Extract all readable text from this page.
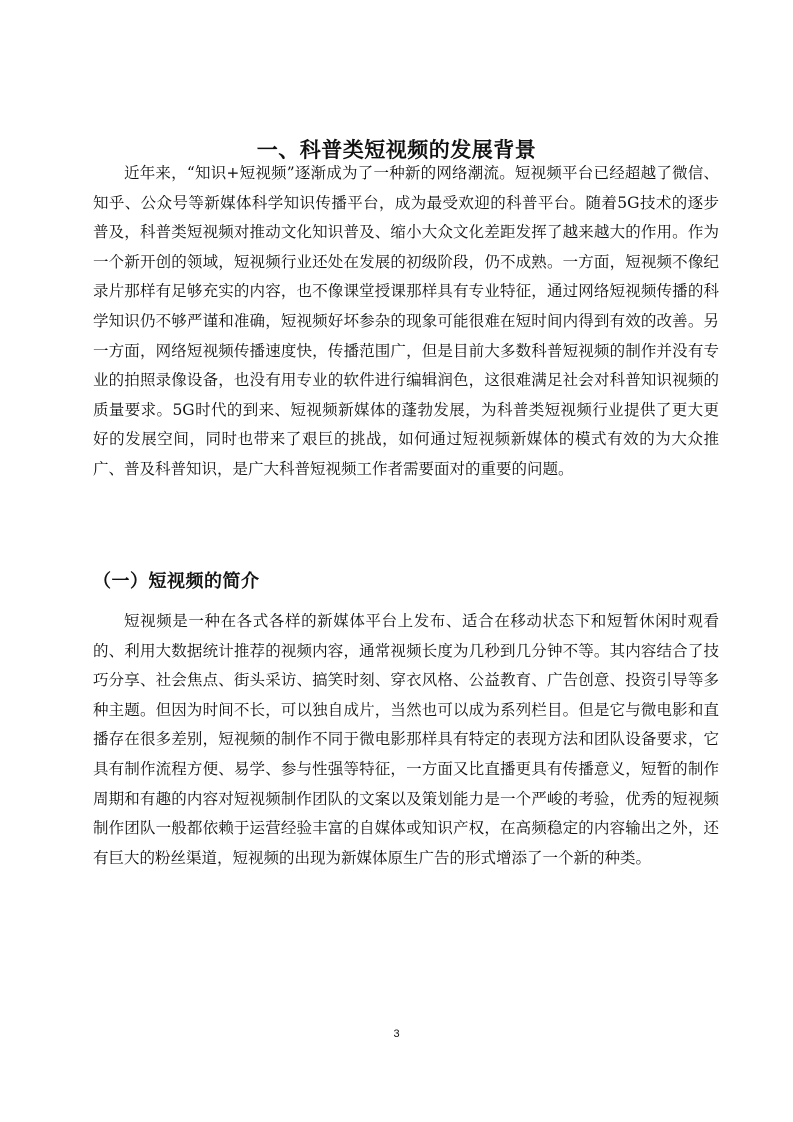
一、科普类短视频的发展背景

近年来，“知识+短视频”逐渐成为了一种新的网络潮流。短视频平台已经超越了微信、知乎、公众号等新媒体科学知识传播平台，成为最受欢迎的科普平台。随着5G技术的逐步普及，科普类短视频对推动文化知识普及、缩小大众文化差距发挥了越来越大的作用。作为一个新开创的领域，短视频行业还处在发展的初级阶段，仍不成熟。一方面，短视频不像纪录片那样有足够充实的内容，也不像课堂授课那样具有专业特征，通过网络短视频传播的科学知识仍不够严谨和准确，短视频好坏参杂的现象可能很难在短时间内得到有效的改善。另一方面，网络短视频传播速度快，传播范围广，但是目前大多数科普短视频的制作并没有专业的拍照录像设备，也没有用专业的软件进行编辑润色，这很难满足社会对科普知识视频的质量要求。5G时代的到来、短视频新媒体的蓬勃发展，为科普类短视频行业提供了更大更好的发展空间，同时也带来了艰巨的挑战，如何通过短视频新媒体的模式有效的为大众推广、普及科普知识，是广大科普短视频工作者需要面对的重要的问题。

（一）短视频的简介

短视频是一种在各式各样的新媒体平台上发布、适合在移动状态下和短暂休闲时观看的、利用大数据统计推荐的视频内容，通常视频长度为几秒到几分钟不等。其内容结合了技巧分享、社会焦点、街头采访、搞笑时刻、穿衣风格、公益教育、广告创意、投资引导等多种主题。但因为时间不长，可以独自成片，当然也可以成为系列栏目。但是它与微电影和直播存在很多差别，短视频的制作不同于微电影那样具有特定的表现方法和团队设备要求，它具有制作流程方便、易学、参与性强等特征，一方面又比直播更具有传播意义，短暂的制作周期和有趣的内容对短视频制作团队的文案以及策划能力是一个严峻的考验，优秀的短视频制作团队一般都依赖于运营经验丰富的自媒体或知识产权，在高频稳定的内容输出之外，还有巨大的粉丝渠道，短视频的出现为新媒体原生广告的形式增添了一个新的种类。

3
